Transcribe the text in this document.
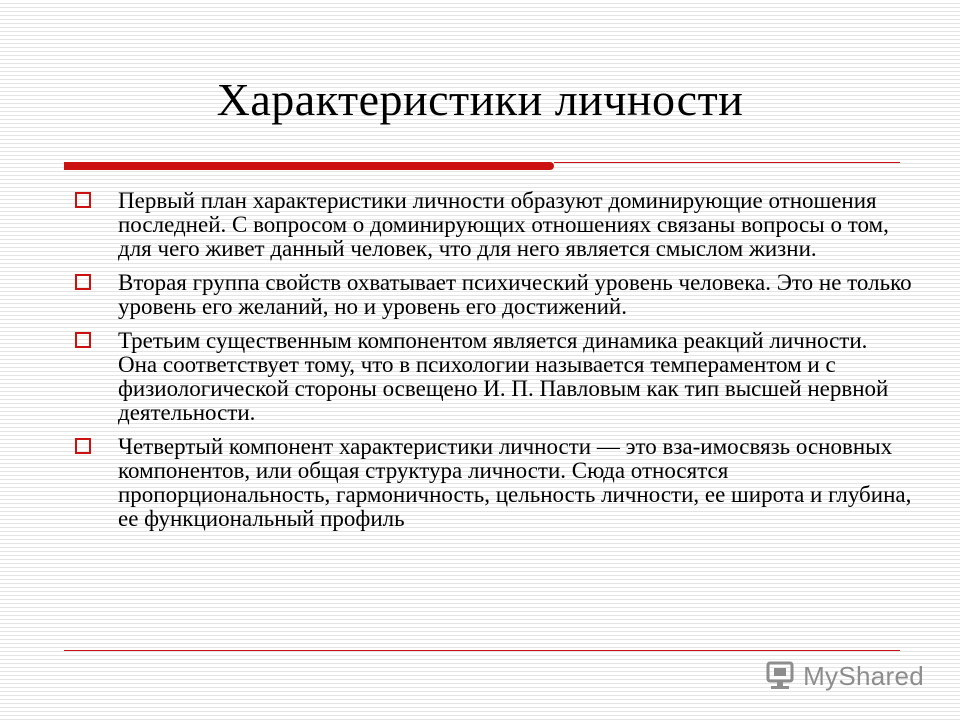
Характеристики личности
Первый план характеристики личности образуют доминирующие отношения последней. С вопросом о доминирующих отношениях связаны вопросы о том, для чего живет данный человек, что для него является смыслом жизни.
Вторая группа свойств охватывает психический уровень человека. Это не только уровень его желаний, но и уровень его достижений.
Третьим существенным компонентом является динамика реакций личности. Она соответствует тому, что в психологии называется темпераментом и с физиологической стороны освещено И. П. Павловым как тип высшей нервной деятельности.
Четвертый компонент характеристики личности — это вза-имосвязь основных компонентов, или общая структура личности. Сюда относятся пропорциональность, гармоничность, цельность личности, ее широта и глубина, ее функциональный профиль
MyShared
